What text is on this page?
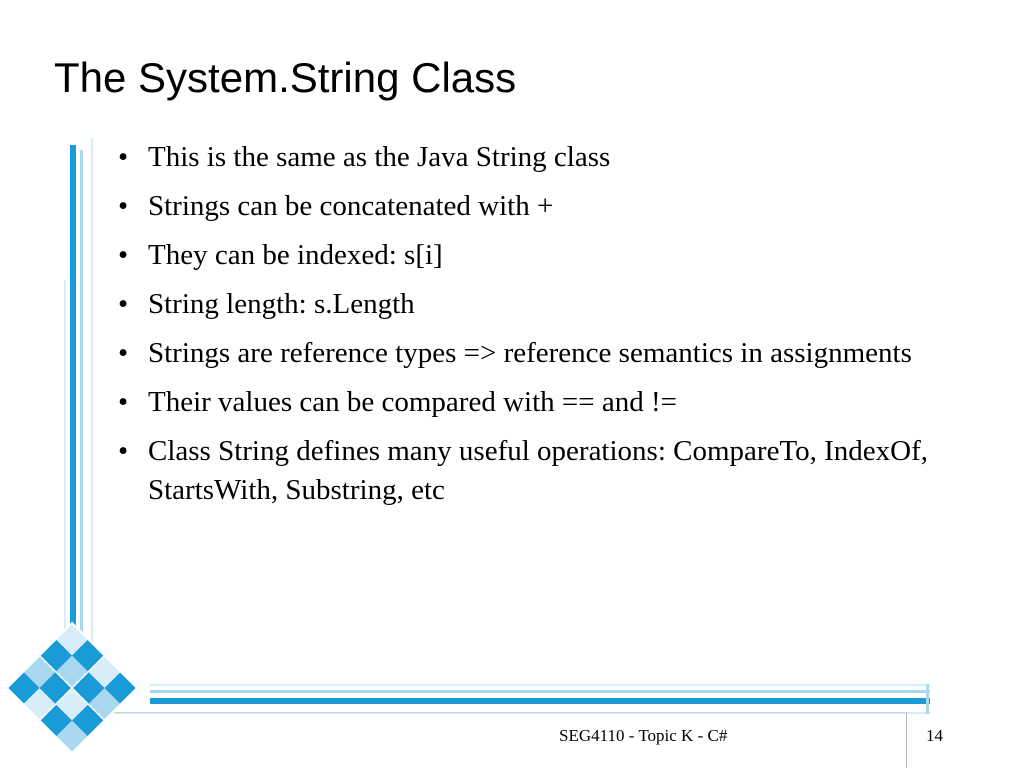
The System.String Class
• This is the same as the Java String class
• Strings can be concatenated with +
• They can be indexed: s[i]
• String length: s.Length
• Strings are reference types => reference semantics in assignments
• Their values can be compared with == and !=
• Class String defines many useful operations: CompareTo, IndexOf, StartsWith, Substring, etc
SEG4110 - Topic K - C#	14
